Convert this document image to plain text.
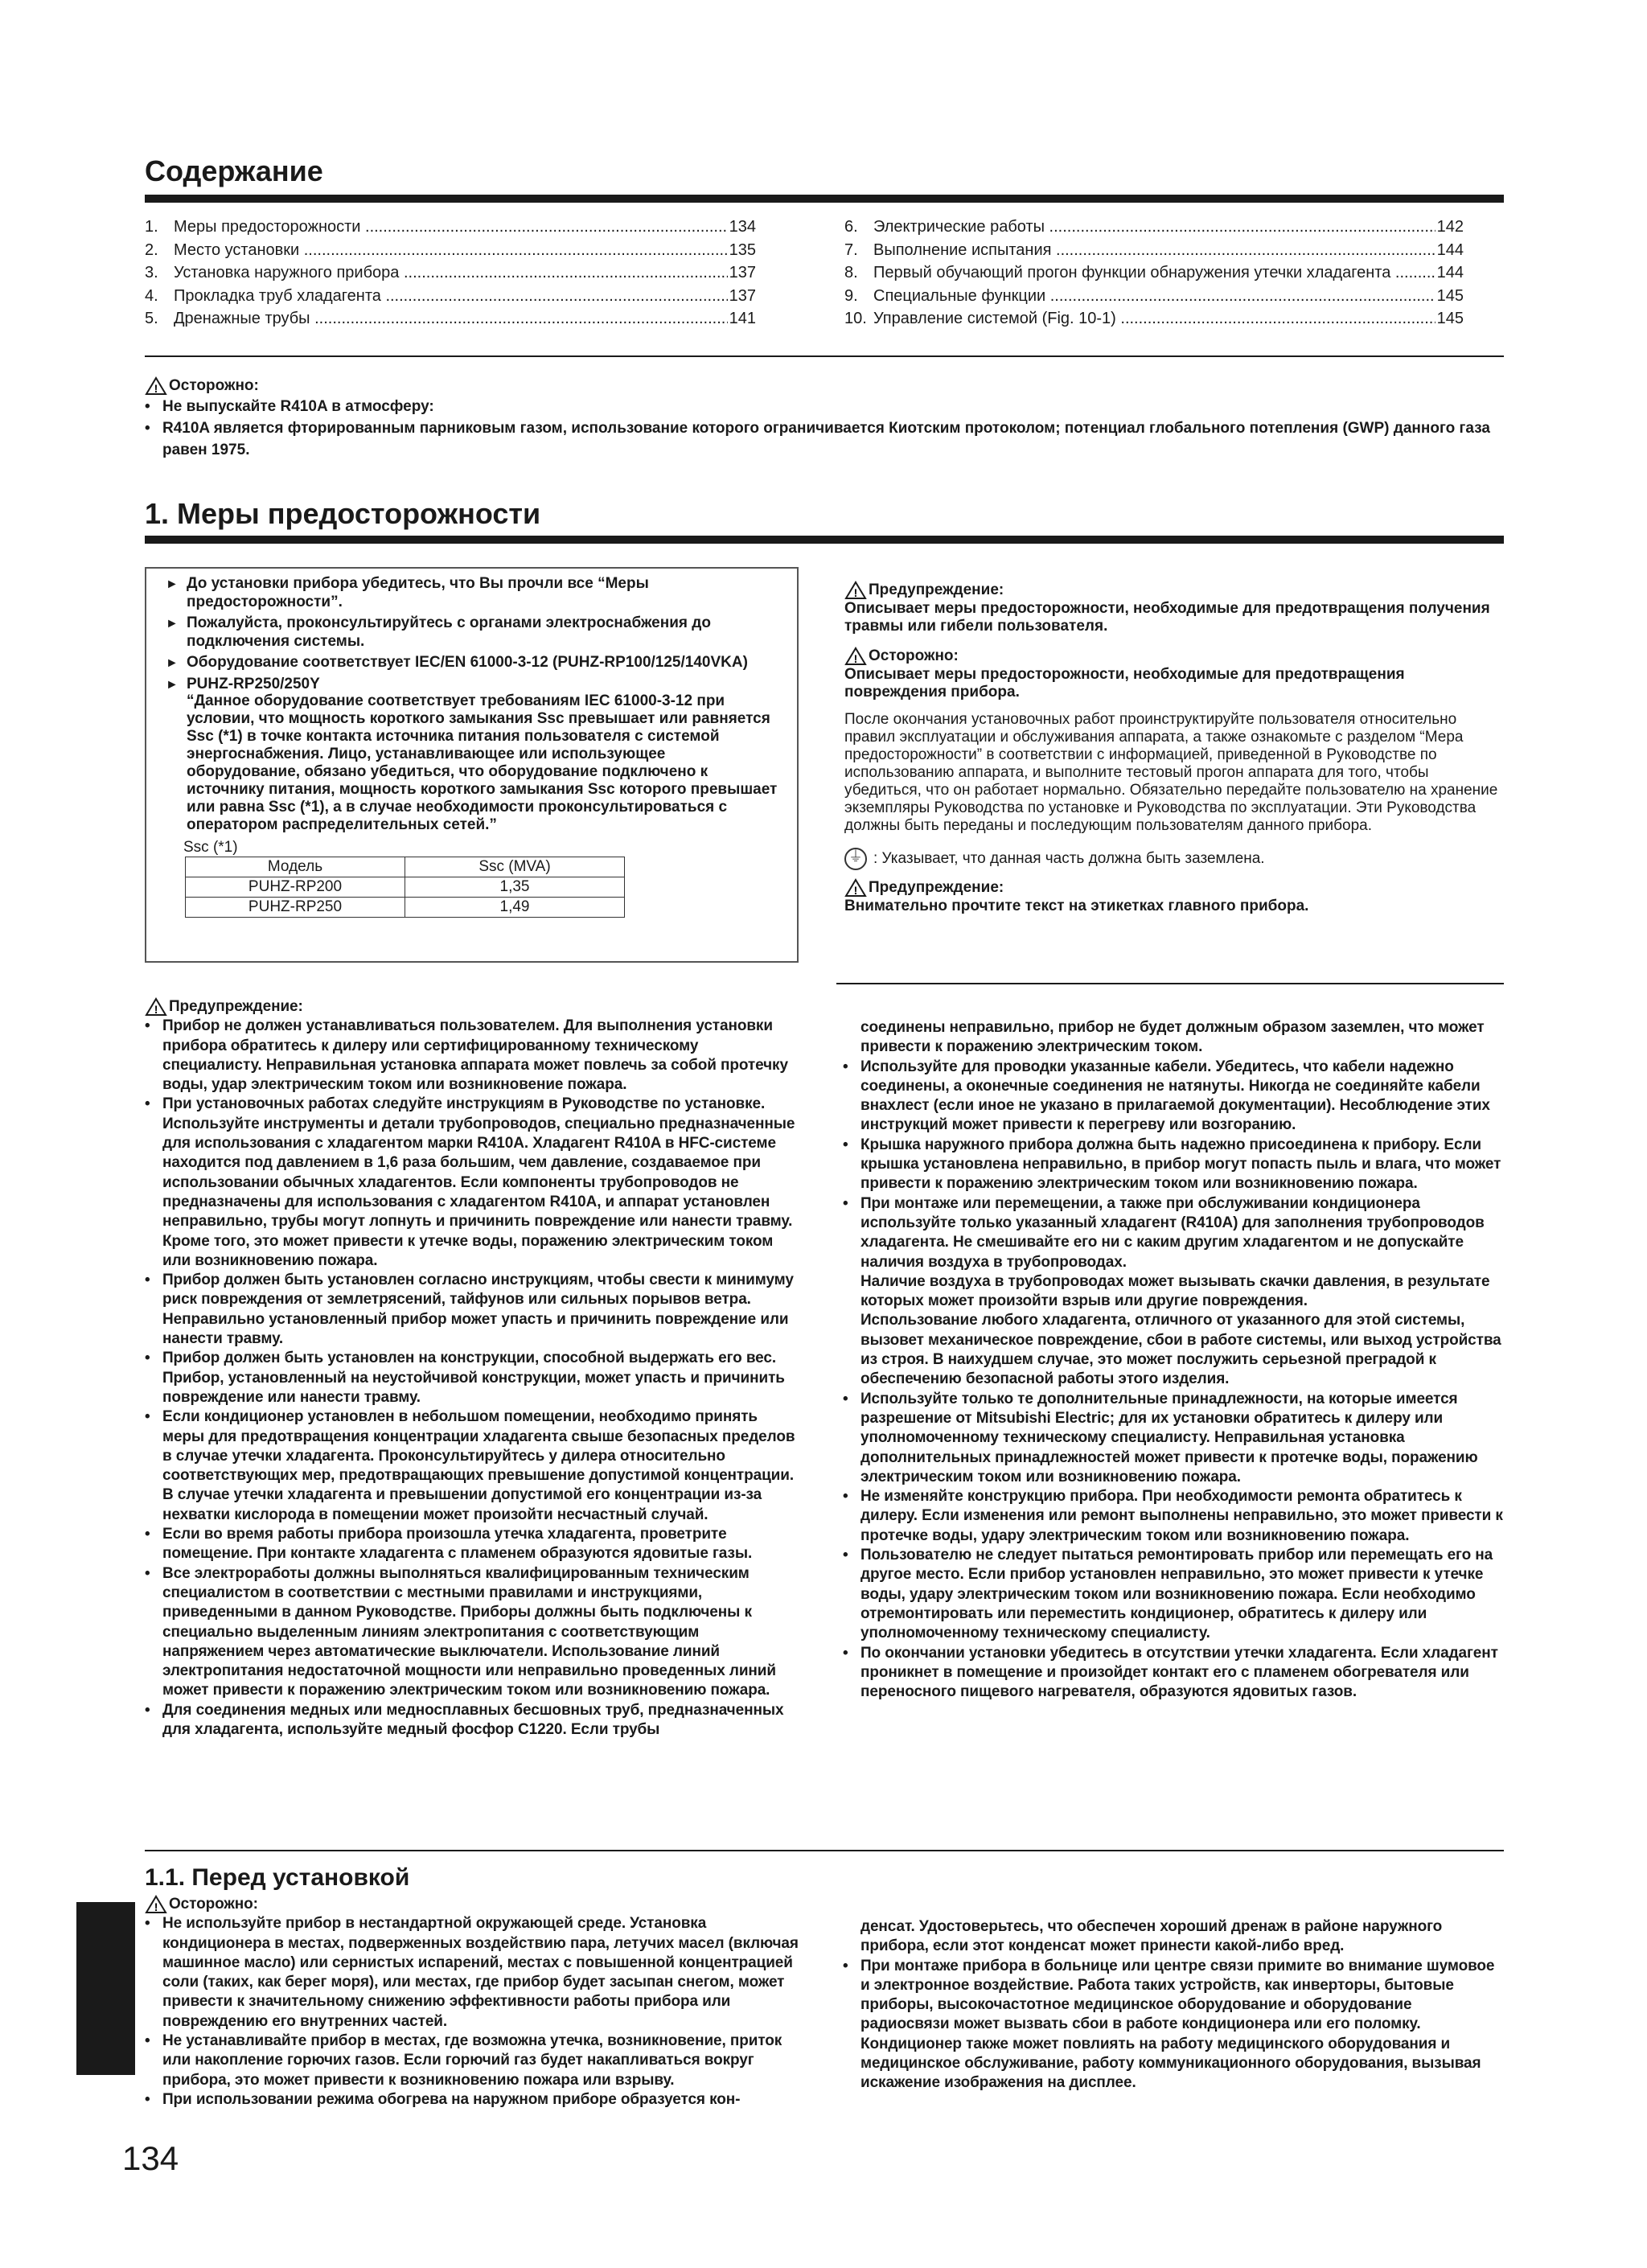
Содержание
1. Меры предосторожности .....	134
2. Место установки .....	135
3. Установка наружного прибора .....	137
4. Прокладка труб хладагента .....	137
5. Дренажные трубы .....	141
6. Электрические работы .....	142
7. Выполнение испытания .....	144
8. Первый обучающий прогон функции обнаружения утечки хладагента .....	144
9. Специальные функции .....	145
10. Управление системой (Fig. 10-1) .....	145
! Осторожно:

• Не выпускайте R410A в атмосферу:

• R410A является фторированным парниковым газом, использование которого ограничивается Киотским протоколом; потенциал глобального потепления (GWP) данного газа равен 1975.

1. Меры предосторожности

► До установки прибора убедитесь, что Вы прочли все “Меры предосторожности”.

► Пожалуйста, проконсультируйтесь с органами электроснабжения до подключения системы.

► Оборудование соответствует IEC/EN 61000-3-12 (PUHZ-RP100/125/140VKA)

► PUHZ-RP250/250Y

“Данное оборудование соответствует требованиям IEC 61000-3-12 при условии, что мощность короткого замыкания Ssc превышает или равняется Ssc (*1) в точке контакта источника питания пользователя с системой энергоснабжения. Лицо, устанавливающее или использующее оборудование, обязано убедиться, что оборудование подключено к источнику питания, мощность короткого замыкания Ssc которого превышает или равна Ssc (*1), а в случае необходимости проконсультироваться с оператором распределительных сетей.”
Ssc (*1)
Модель	Ssc (MVA)
PUHZ-RP200	1,35
PUHZ-RP250	1,49
! Предупреждение:
Описывает меры предосторожности, необходимые для предотвращения получения травмы или гибели пользователя.
! Осторожно:
Описывает меры предосторожности, необходимые для предотвращения повреждения прибора.
После окончания установочных работ проинструктируйте пользователя относительно правил эксплуатации и обслуживания аппарата, а также ознакомьте с разделом “Мера предосторожности” в соответствии с информацией, приведенной в Руководстве по использованию аппарата, и выполните тестовый прогон аппарата для того, чтобы убедиться, что он работает нормально. Обязательно передайте пользователю на хранение экземпляры Руководства по установке и Руководства по эксплуатации. Эти Руководства должны быть переданы и последующим пользователям данного прибора.
⏚: Указывает, что данная часть должна быть заземлена.
! Предупреждение:
Внимательно прочтите текст на этикетках главного прибора.
! Предупреждение:

• Прибор не должен устанавливаться пользователем. Для выполнения установки прибора обратитесь к дилеру или сертифицированному техническому специалисту. Неправильная установка аппарата может повлечь за собой протечку воды, удар электрическим током или возникновение пожара.

• При установочных работах следуйте инструкциям в Руководстве по установке. Используйте инструменты и детали трубопроводов, специально предназначенные для использования с хладагентом марки R410A. Хладагент R410A в HFC-системе находится под давлением в 1,6 раза большим, чем давление, создаваемое при использовании обычных хладагентов. Если компоненты трубопроводов не предназначены для использования с хладагентом R410A, и аппарат установлен неправильно, трубы могут лопнуть и причинить повреждение или нанести травму. Кроме того, это может привести к утечке воды, поражению электрическим током или возникновению пожара.

• Прибор должен быть установлен согласно инструкциям, чтобы свести к минимуму риск повреждения от землетрясений, тайфунов или сильных порывов ветра. Неправильно установленный прибор может упасть и причинить повреждение или нанести травму.

• Прибор должен быть установлен на конструкции, способной выдержать его вес. Прибор, установленный на неустойчивой конструкции, может упасть и причинить повреждение или нанести травму.

• Если кондиционер установлен в небольшом помещении, необходимо принять меры для предотвращения концентрации хладагента свыше безопасных пределов в случае утечки хладагента. Проконсультируйтесь у дилера относительно соответствующих мер, предотвращающих превышение допустимой концентрации. В случае утечки хладагента и превышении допустимой его концентрации из-за нехватки кислорода в помещении может произойти несчастный случай.

• Если во время работы прибора произошла утечка хладагента, проветрите помещение. При контакте хладагента с пламенем образуются ядовитые газы.

• Все электроработы должны выполняться квалифицированным техническим специалистом в соответствии с местными правилами и инструкциями, приведенными в данном Руководстве. Приборы должны быть подключены к специально выделенным линиям электропитания с соответствующим напряжением через автоматические выключатели. Использование линий электропитания недостаточной мощности или неправильно проведенных линий может привести к поражению электрическим током или возникновению пожара.

• Для соединения медных или медносплавных бесшовных труб, предназначенных для хладагента, используйте медный фосфор C1220. Если трубы

соединены неправильно, прибор не будет должным образом заземлен, что может привести к поражению электрическим током.

• Используйте для проводки указанные кабели. Убедитесь, что кабели надежно соединены, а оконечные соединения не натянуты. Никогда не соединяйте кабели внахлест (если иное не указано в прилагаемой документации). Несоблюдение этих инструкций может привести к перегреву или возгоранию.

• Крышка наружного прибора должна быть надежно присоединена к прибору. Если крышка установлена неправильно, в прибор могут попасть пыль и влага, что может привести к поражению электрическим током или возникновению пожара.

• При монтаже или перемещении, а также при обслуживании кондиционера используйте только указанный хладагент (R410A) для заполнения трубопроводов хладагента. Не смешивайте его ни с каким другим хладагентом и не допускайте наличия воздуха в трубопроводах.

Наличие воздуха в трубопроводах может вызывать скачки давления, в результате которых может произойти взрыв или другие повреждения.

Использование любого хладагента, отличного от указанного для этой системы, вызовет механическое повреждение, сбои в работе системы, или выход устройства из строя. В наихудшем случае, это может послужить серьезной преградой к обеспечению безопасной работы этого изделия.

• Используйте только те дополнительные принадлежности, на которые имеется разрешение от Mitsubishi Electric; для их установки обратитесь к дилеру или уполномоченному техническому специалисту. Неправильная установка дополнительных принадлежностей может привести к протечке воды, поражению электрическим током или возникновению пожара.

• Не изменяйте конструкцию прибора. При необходимости ремонта обратитесь к дилеру. Если изменения или ремонт выполнены неправильно, это может привести к протечке воды, удару электрическим током или возникновению пожара.

• Пользователю не следует пытаться ремонтировать прибор или перемещать его на другое место. Если прибор установлен неправильно, это может привести к утечке воды, удару электрическим током или возникновению пожара. Если необходимо отремонтировать или переместить кондиционер, обратитесь к дилеру или уполномоченному техническому специалисту.

• По окончании установки убедитесь в отсутствии утечки хладагента. Если хладагент проникнет в помещение и произойдет контакт его с пламенем обогревателя или переносного пищевого нагревателя, образуются ядовитых газов.

1.1. Перед установкой
! Осторожно:

• Не используйте прибор в нестандартной окружающей среде. Установка кондиционера в местах, подверженных воздействию пара, летучих масел (включая машинное масло) или сернистых испарений, местах с повышенной концентрацией соли (таких, как берег моря), или местах, где прибор будет засыпан снегом, может привести к значительному снижению эффективности работы прибора или повреждению его внутренних частей.

• Не устанавливайте прибор в местах, где возможна утечка, возникновение, приток или накопление горючих газов. Если горючий газ будет накапливаться вокруг прибора, это может привести к возникновению пожара или взрыву.

• При использовании режима обогрева на наружном приборе образуется кон-

денсат. Удостоверьтесь, что обеспечен хороший дренаж в районе наружного прибора, если этот конденсат может принести какой-либо вред.

• При монтаже прибора в больнице или центре связи примите во внимание шумовое и электронное воздействие. Работа таких устройств, как инверторы, бытовые приборы, высокочастотное медицинское оборудование и оборудование радиосвязи может вызвать сбои в работе кондиционера или его поломку. Кондиционер также может повлиять на работу медицинского оборудования и медицинское обслуживание, работу коммуникационного оборудования, вызывая искажение изображения на дисплее.

134
